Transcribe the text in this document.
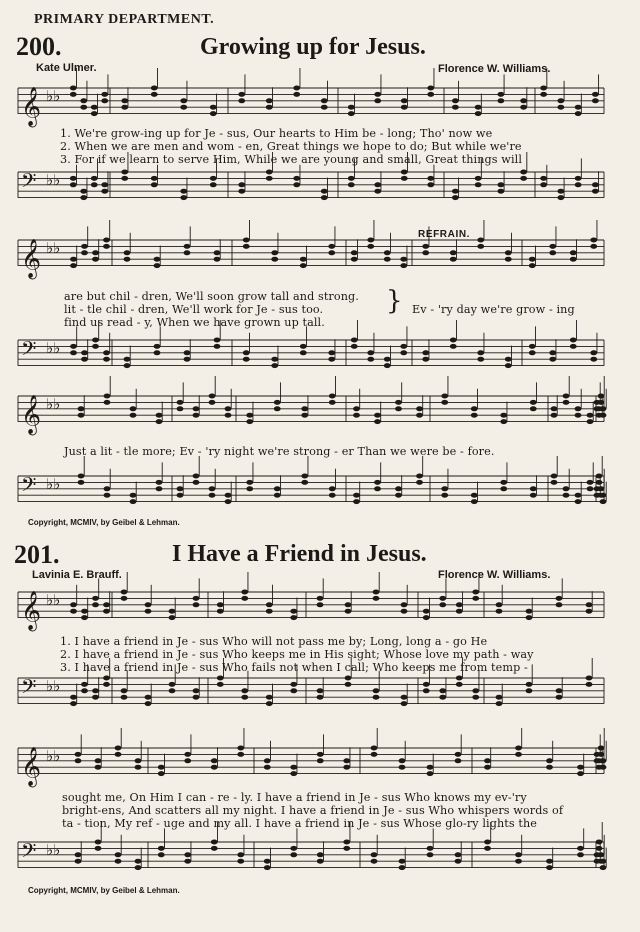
PRIMARY DEPARTMENT.
200.	Growing up for Jesus.
Kate Ulmer.	Florence W. Williams.
𝄞 ♭♭
𝄢 ♭♭
𝄞 ♭♭
𝄢 ♭♭
𝄞 ♭♭
𝄢 ♭♭
𝄞 ♭♭
𝄢 ♭♭
𝄞 ♭♭
𝄢 ♭♭
1. We're grow-ing up for Je - sus, Our hearts to Him be - long; Tho' now we
2. When we are men and wom - en, Great things we hope to do; But while we're
3. For if we learn to serve Him, While we are young and small, Great things will
REFRAIN.
are but chil - dren, We'll soon grow tall and strong.
lit - tle chil - dren, We'll work for Je - sus too.
find us read - y, When we have grown up tall.
} Ev - 'ry day we're grow - ing
Just a lit - tle more; Ev - 'ry night we're strong - er Than we were be - fore.
Copyright, MCMIV, by Geibel & Lehman.
201.	I Have a Friend in Jesus.
Lavinia E. Brauff.	Florence W. Williams.
1. I have a friend in Je - sus Who will not pass me by; Long, long a - go He
2. I have a friend in Je - sus Who keeps me in His sight; Whose love my path - way
3. I have a friend in Je - sus Who fails not when I call; Who keeps me from temp -
sought me, On Him I can - re - ly. I have a friend in Je - sus Who knows my ev-'ry
bright-ens, And scatters all my night. I have a friend in Je - sus Who whispers words of
ta - tion, My ref - uge and my all. I have a friend in Je - sus Whose glo-ry lights the
Copyright, MCMIV, by Geibel & Lehman.
